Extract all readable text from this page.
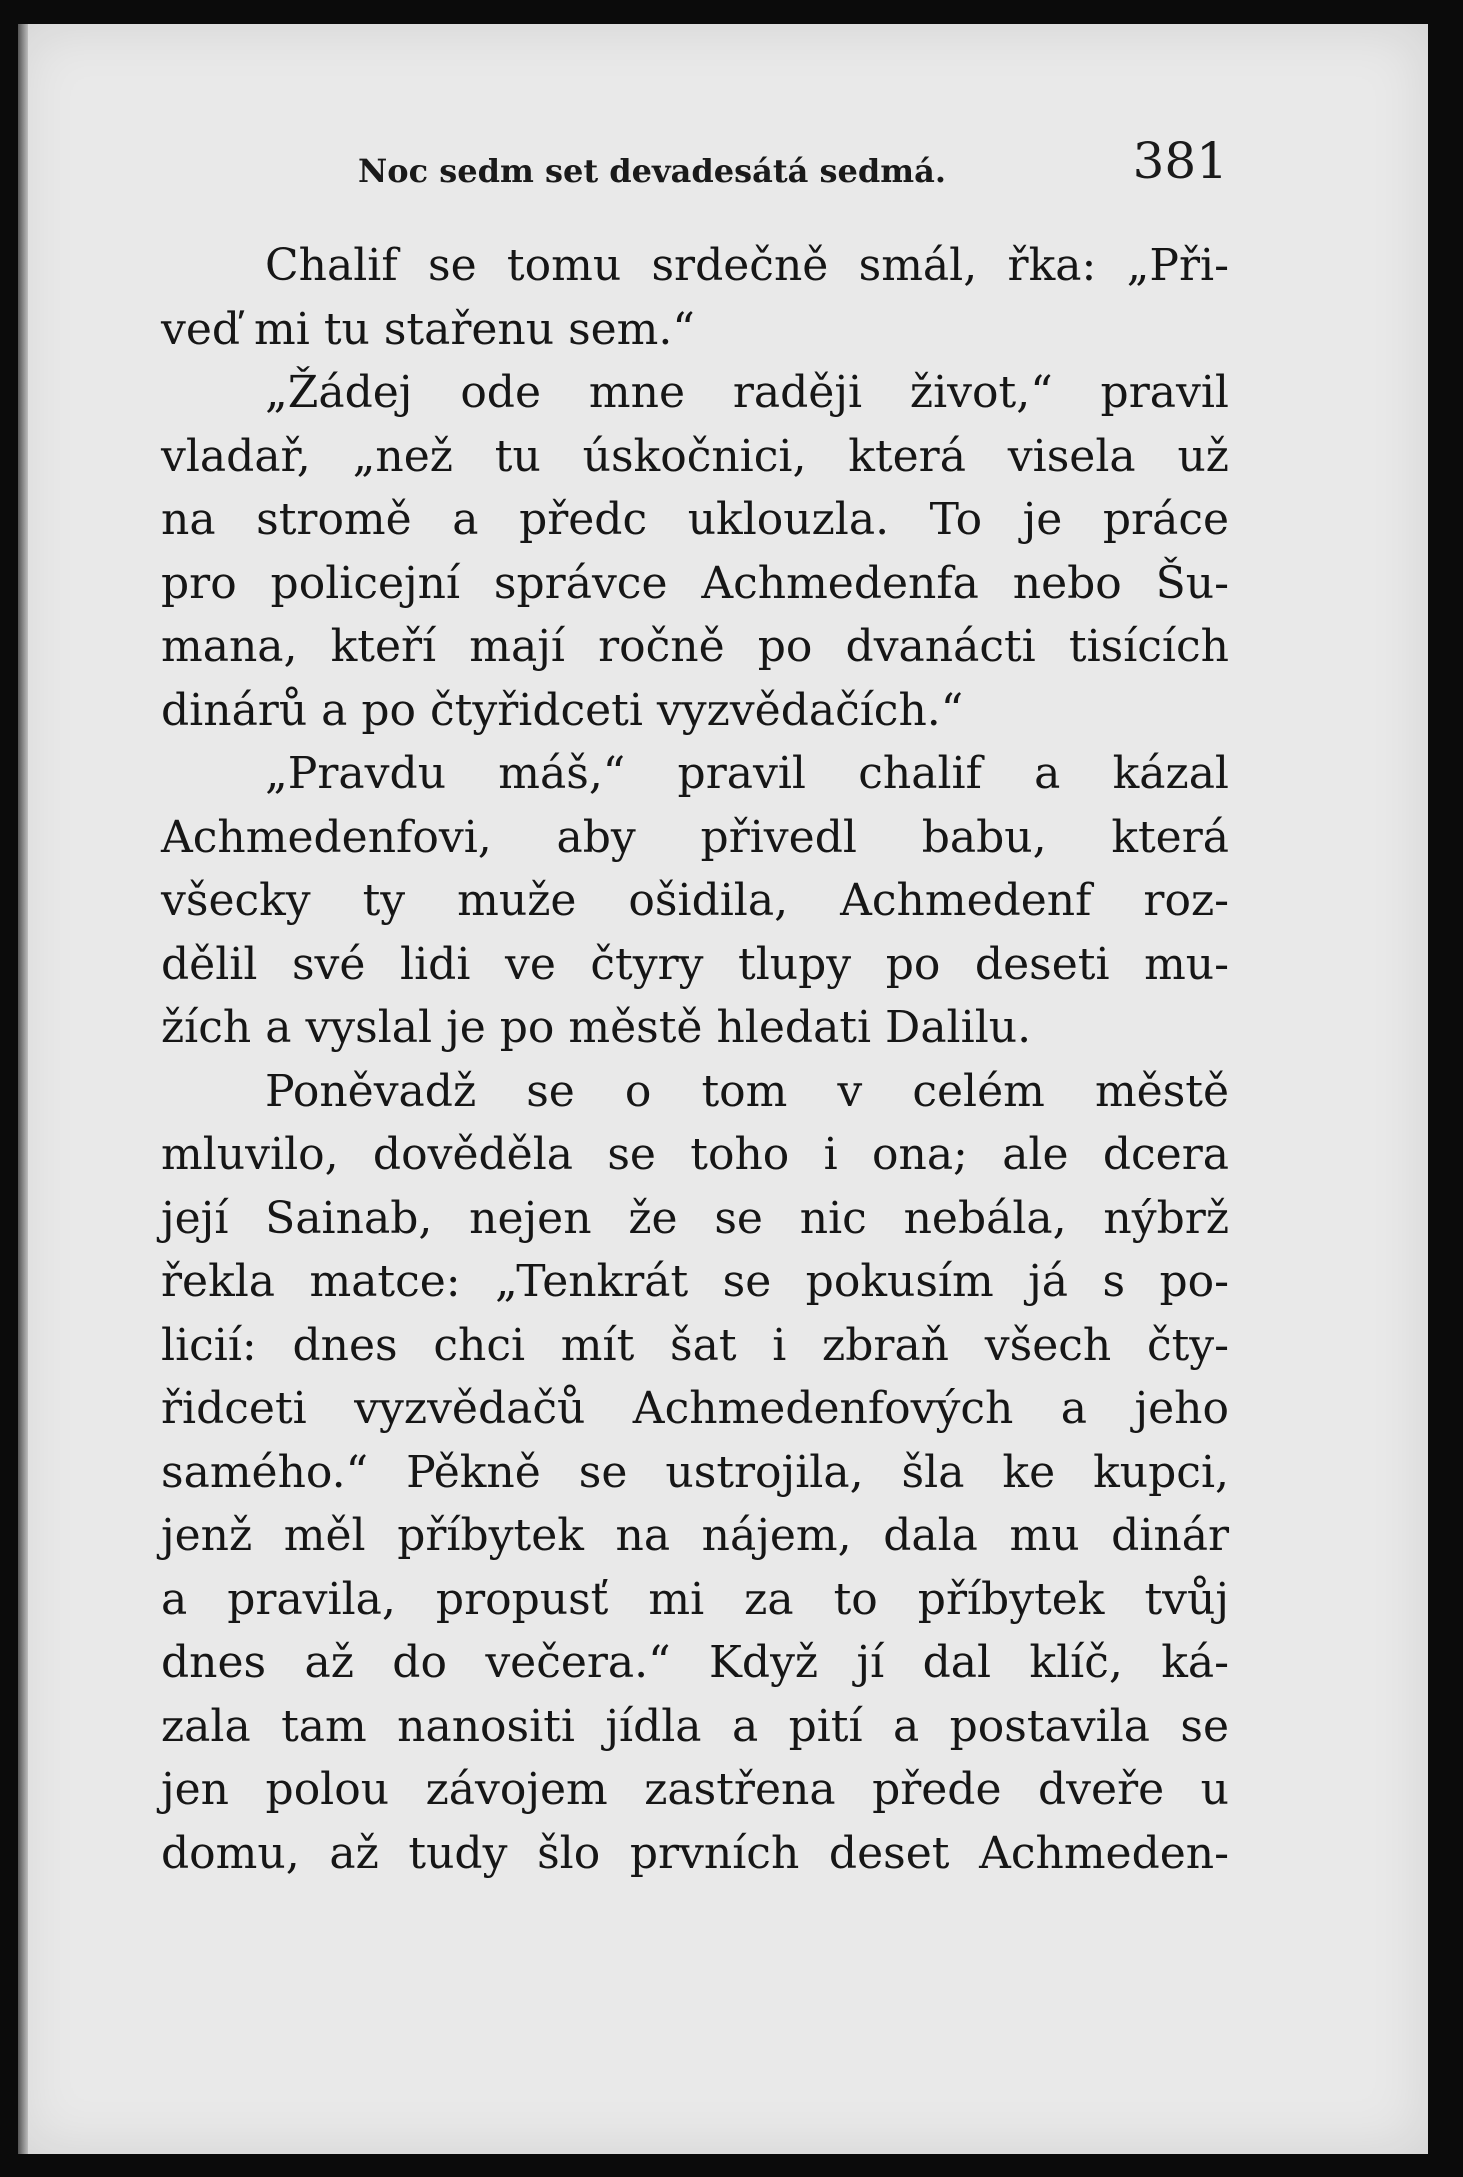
Noc sedm set devadesátá sedmá.	381
Chalif se tomu srdečně smál, řka: „Při-
veď mi tu stařenu sem.“
„Žádej ode mne raději život,“ pravil
vladař, „než tu úskočnici, která visela už
na stromě a předc uklouzla. To je práce
pro policejní správce Achmedenfa nebo Šu-
mana, kteří mají ročně po dvanácti tisících
dinárů a po čtyřidceti vyzvědačích.“
„Pravdu máš,“ pravil chalif a kázal
Achmedenfovi, aby přivedl babu, která
všecky ty muže ošidila, Achmedenf roz-
dělil své lidi ve čtyry tlupy po deseti mu-
žích a vyslal je po městě hledati Dalilu.
Poněvadž se o tom v celém městě
mluvilo, dověděla se toho i ona; ale dcera
její Sainab, nejen že se nic nebála, nýbrž
řekla matce: „Tenkrát se pokusím já s po-
licií: dnes chci mít šat i zbraň všech čty-
řidceti vyzvědačů Achmedenfových a jeho
samého.“ Pěkně se ustrojila, šla ke kupci,
jenž měl příbytek na nájem, dala mu dinár
a pravila, propusť mi za to příbytek tvůj
dnes až do večera.“ Když jí dal klíč, ká-
zala tam nanositi jídla a pití a postavila se
jen polou závojem zastřena přede dveře u
domu, až tudy šlo prvních deset Achmeden-
